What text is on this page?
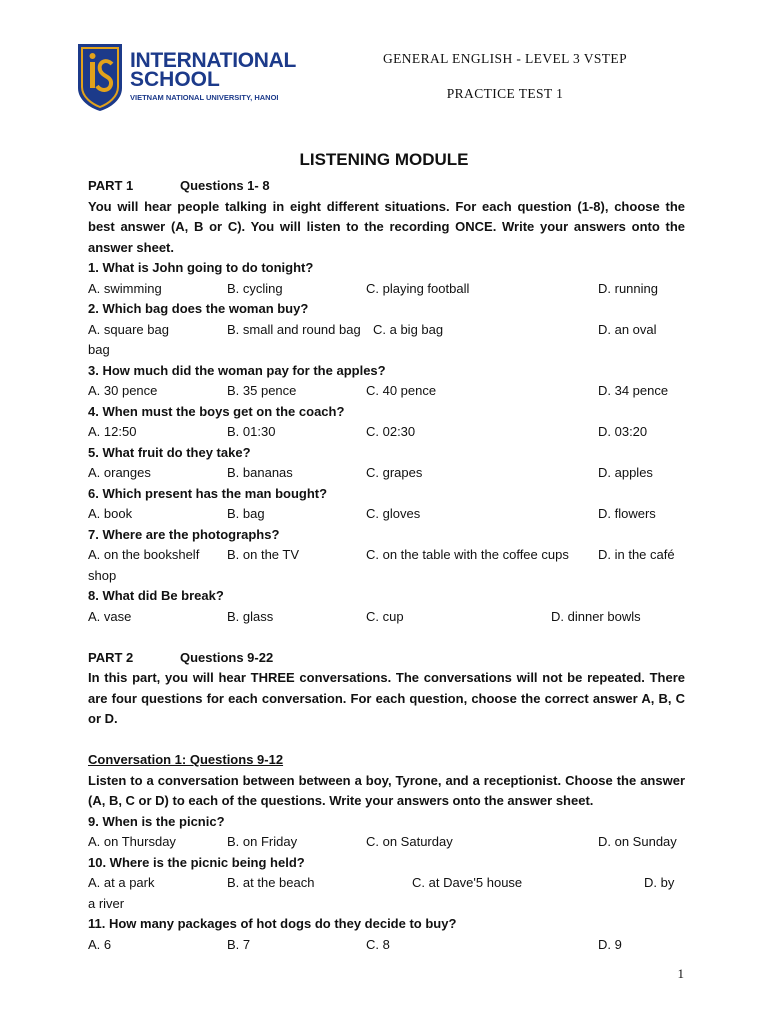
INTERNATIONAL
SCHOOL
VIETNAM NATIONAL UNIVERSITY, HANOI
GENERAL ENGLISH - LEVEL 3 VSTEP
PRACTICE TEST 1
LISTENING MODULE
PART 1	Questions 1- 8
You will hear people talking in eight different situations. For each question (1-8), choose the best answer (A, B or C). You will listen to the recording ONCE. Write your answers onto the answer sheet.
1. What is John going to do tonight?
A. swimming	B. cycling	C. playing football	D. running
2. Which bag does the woman buy?
A. square bag	B. small and round bag C. a big bag	D. an oval
bag
3. How much did the woman pay for the apples?
A. 30 pence	B. 35 pence	C. 40 pence	D. 34 pence
4. When must the boys get on the coach?
A. 12:50	B. 01:30	C. 02:30	D. 03:20
5. What fruit do they take?
A. oranges	B. bananas	C. grapes	D. apples
6. Which present has the man bought?
A. book	B. bag	C. gloves	D. flowers
7. Where are the photographs?
A. on the bookshelf B. on the TV	C. on the table with the coffee cups D. in the café
shop
8. What did Be break?
A. vase	B. glass	C. cup	D. dinner bowls
PART 2	Questions 9-22
In this part, you will hear THREE conversations. The conversations will not be repeated. There are four questions for each conversation. For each question, choose the correct answer A, B, C or D.
Conversation 1: Questions 9-12
Listen to a conversation between between a boy, Tyrone, and a receptionist. Choose the answer (A, B, C or D) to each of the questions. Write your answers onto the answer sheet.
9. When is the picnic?
A. on Thursday	B. on Friday	C. on Saturday	D. on Sunday
10. Where is the picnic being held?
A. at a park	B. at the beach	C. at Dave'5 house	D. by
a river
11. How many packages of hot dogs do they decide to buy?
A. 6	B. 7	C. 8	D. 9
1
